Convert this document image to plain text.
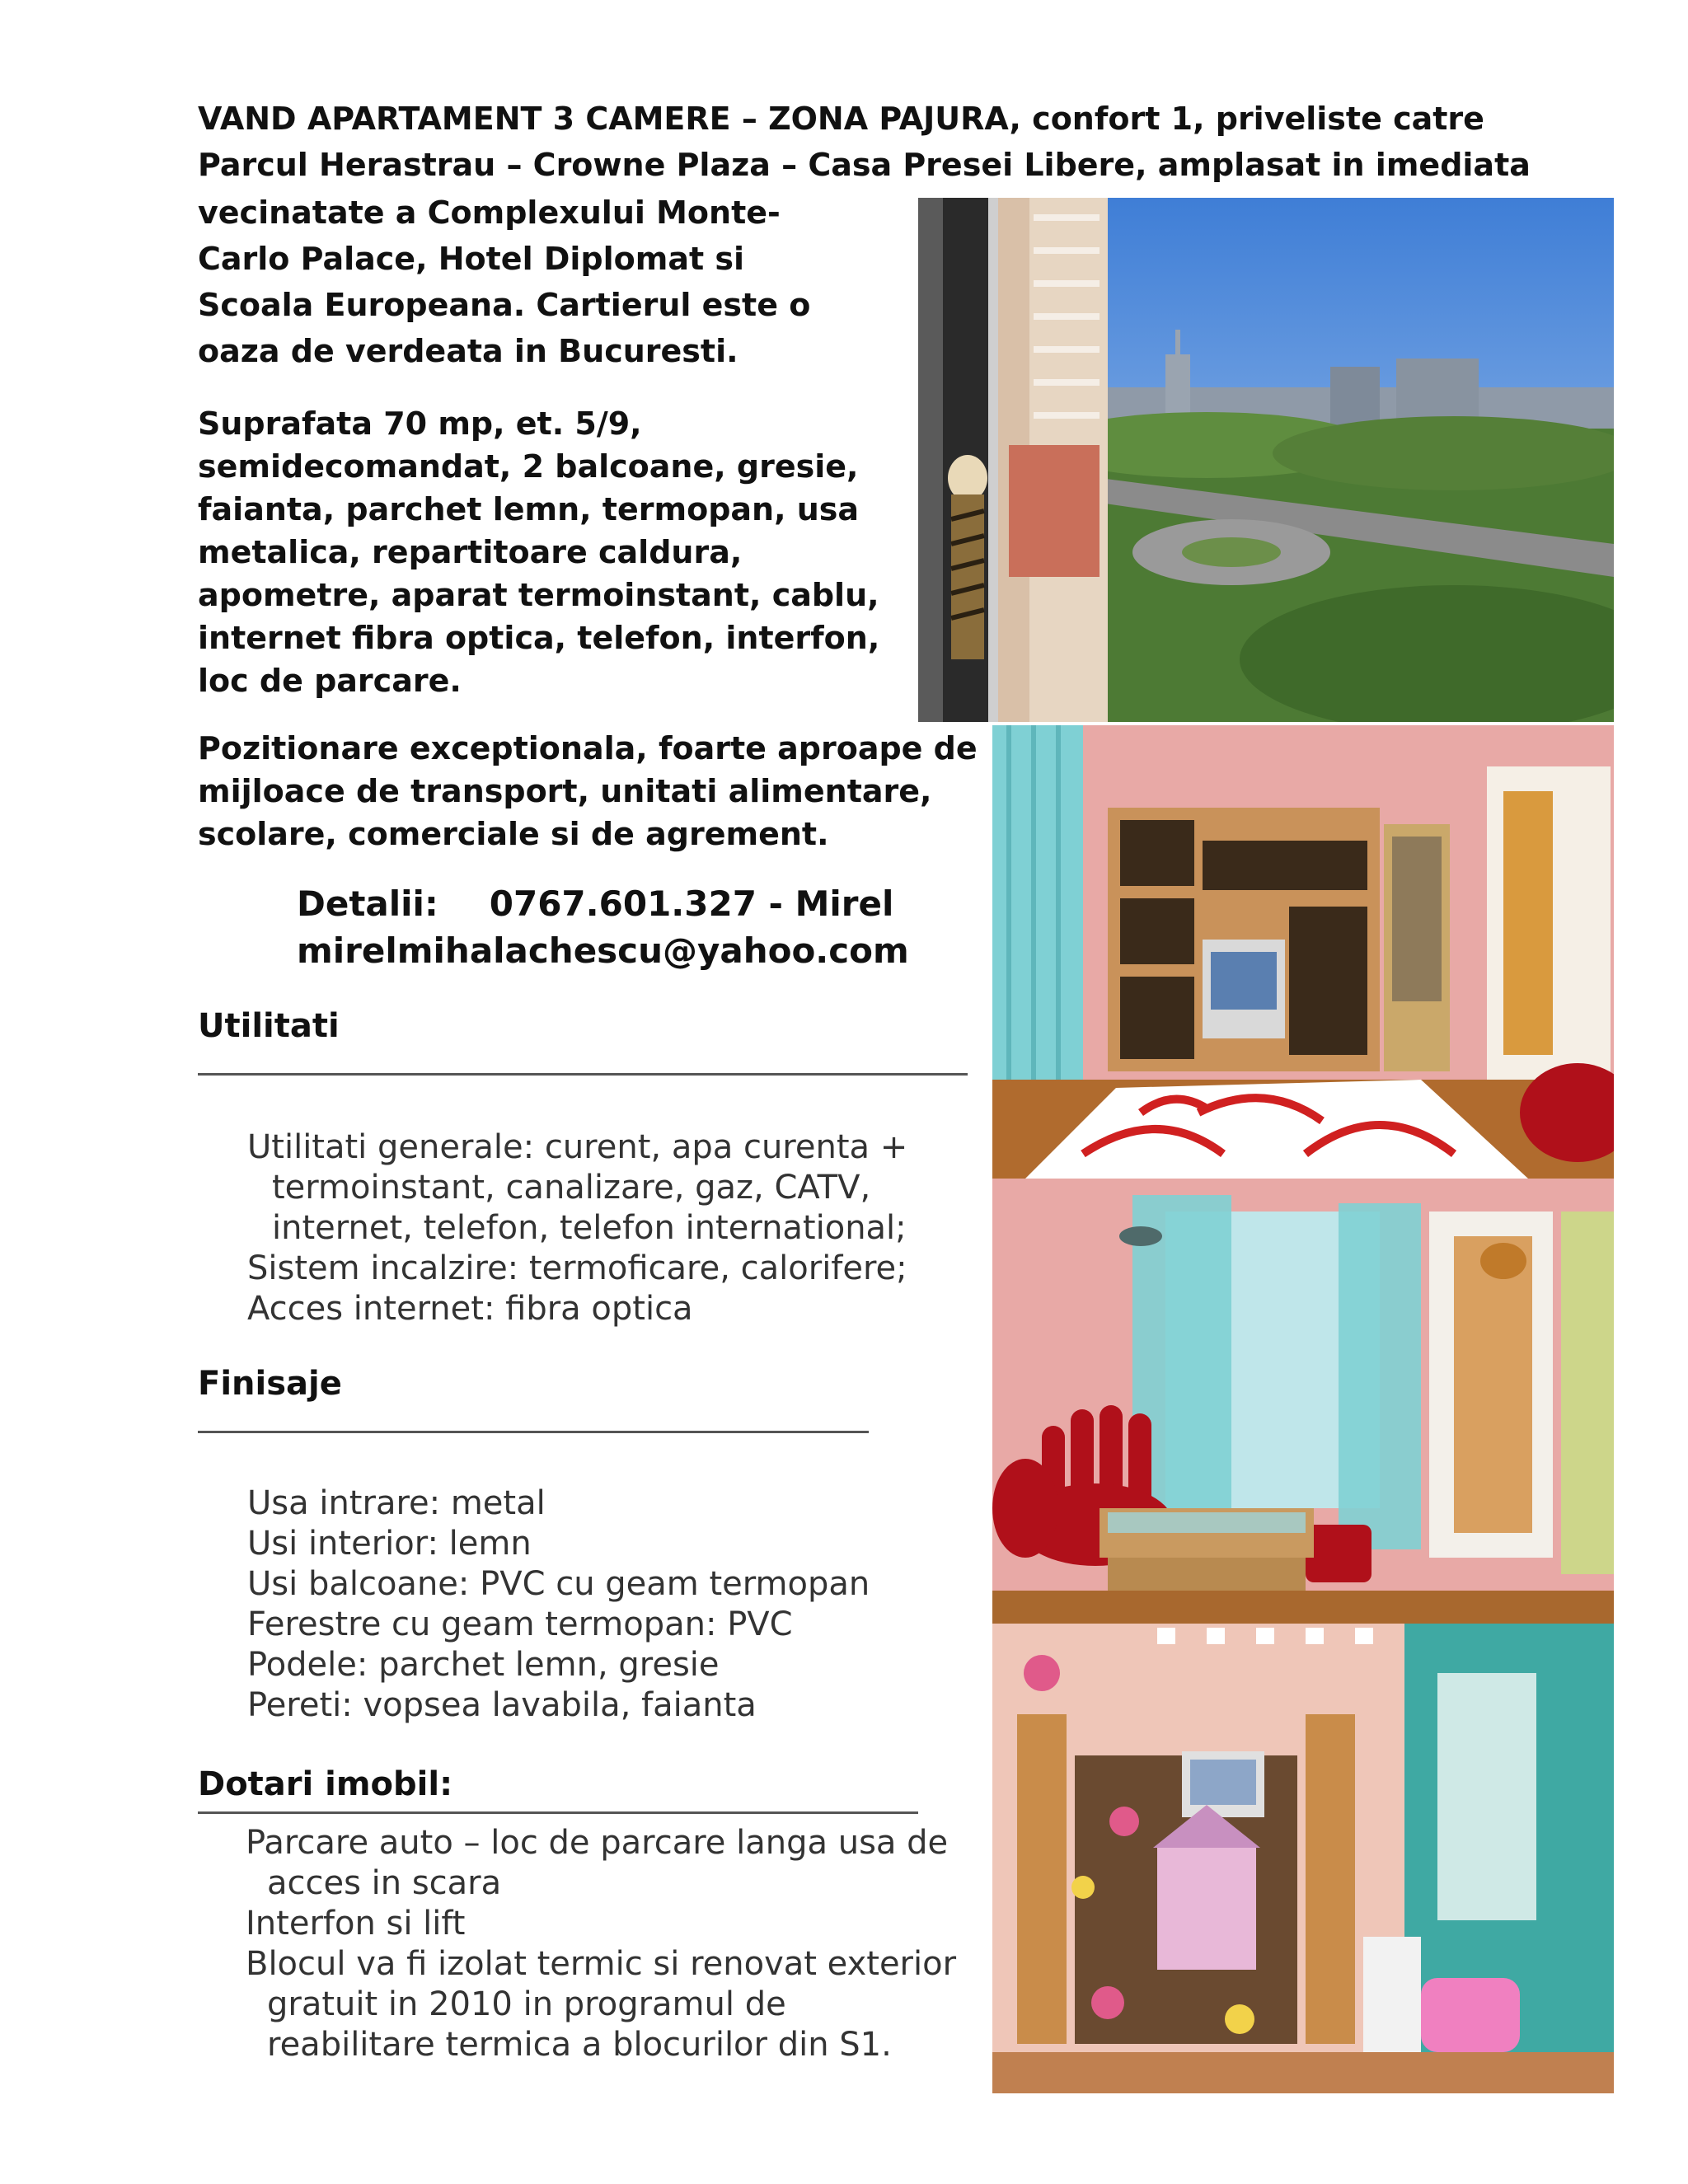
VAND APARTAMENT 3 CAMERE – ZONA PAJURA, confort 1, priveliste catre
Parcul Herastrau – Crowne Plaza – Casa Presei Libere, amplasat in imediata
vecinatate a Complexului Monte-
Carlo Palace, Hotel Diplomat si
Scoala Europeana. Cartierul este o
oaza de verdeata in Bucuresti.
Suprafata 70 mp, et. 5/9,
semidecomandat, 2 balcoane, gresie,
faianta, parchet lemn, termopan, usa
metalica, repartitoare caldura,
apometre, aparat termoinstant, cablu,
internet fibra optica, telefon, interfon,
loc de parcare.
Pozitionare exceptionala, foarte aproape de
mijloace de transport, unitati alimentare,
scolare, comerciale si de agrement.
Detalii: 0767.601.327 - Mirel
mirelmihalachescu@yahoo.com
Utilitati
Utilitati generale: curent, apa curenta +
termoinstant, canalizare, gaz, CATV,
internet, telefon, telefon international;
Sistem incalzire: termoficare, calorifere;
Acces internet: fibra optica
Finisaje
Usa intrare: metal
Usi interior: lemn
Usi balcoane: PVC cu geam termopan
Ferestre cu geam termopan: PVC
Podele: parchet lemn, gresie
Pereti: vopsea lavabila, faianta
Dotari imobil:
Parcare auto – loc de parcare langa usa de
acces in scara
Interfon si lift
Blocul va fi izolat termic si renovat exterior
gratuit in 2010 in programul de
reabilitare termica a blocurilor din S1.
